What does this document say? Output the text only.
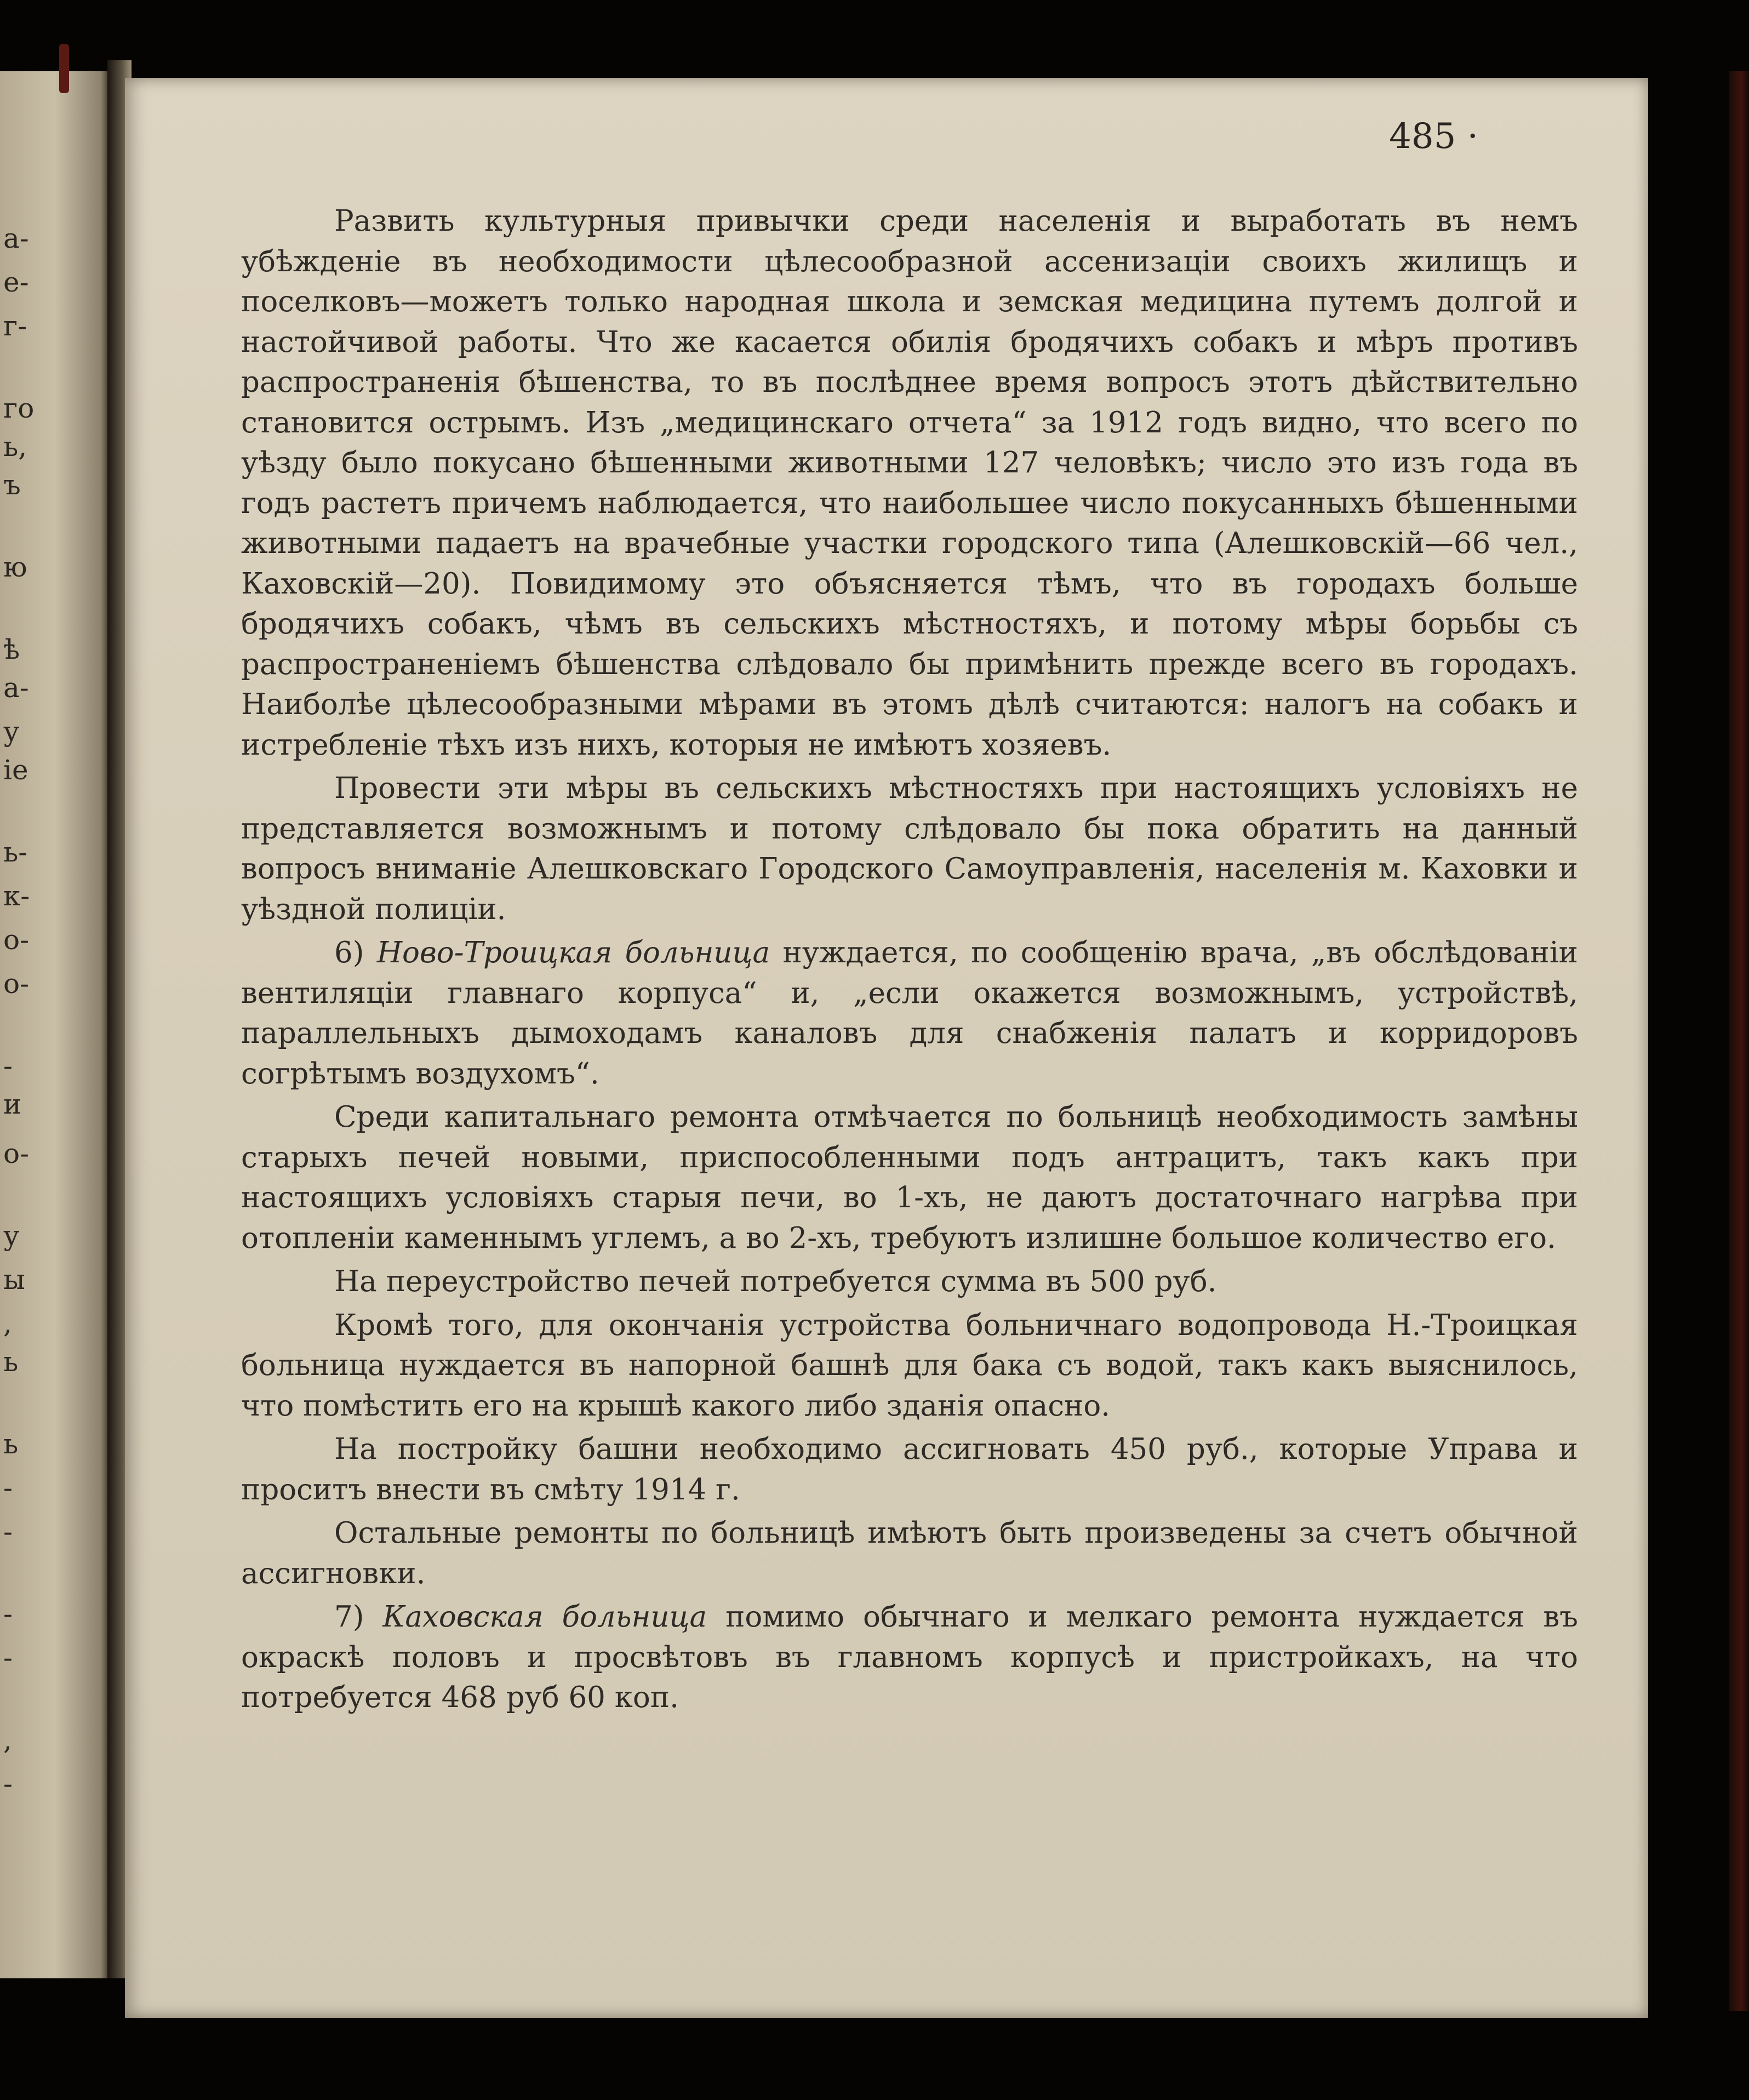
а-
е-
г-
го
ь,
ъ
ю
ѣ
а-
у
ie
ь-
к-
о-
о-
-
и
о-
у
ы
,
ь
ь
-
-
-
-
,
-

485 ·

Развить культурныя привычки среди населенія и выработать въ немъ убѣжденіе въ необходимости цѣлесообразной ассенизаціи своихъ жилищъ и поселковъ—можетъ только народная школа и земская медицина путемъ долгой и настойчивой работы. Что же касается обилія бродячихъ собакъ и мѣръ противъ распространенія бѣшенства, то въ послѣднее время вопросъ этотъ дѣйствительно становится острымъ. Изъ „медицинскаго отчета“ за 1912 годъ видно, что всего по уѣзду было покусано бѣшенными животными 127 человѣкъ; число это изъ года въ годъ растетъ причемъ наблюдается, что наибольшее число покусанныхъ бѣшенными животными падаетъ на врачебные участки городского типа (Алешковскій—66 чел., Каховскій—20). Повидимому это объясняется тѣмъ, что въ городахъ больше бродячихъ собакъ, чѣмъ въ сельскихъ мѣстностяхъ, и потому мѣры борьбы съ распространеніемъ бѣшенства слѣдовало бы примѣнить прежде всего въ городахъ. Наиболѣе цѣлесообразными мѣрами въ этомъ дѣлѣ считаются: налогъ на собакъ и истребленіе тѣхъ изъ нихъ, которыя не имѣютъ хозяевъ.

Провести эти мѣры въ сельскихъ мѣстностяхъ при настоящихъ условіяхъ не представляется возможнымъ и потому слѣдовало бы пока обратить на данный вопросъ вниманіе Алешковскаго Городского Самоуправленія, населенія м. Каховки и уѣздной полиціи.

6) Ново-Троицкая больница нуждается, по сообщенію врача, „въ обслѣдованіи вентиляціи главнаго корпуса“ и, „если окажется возможнымъ, устройствѣ, параллельныхъ дымоходамъ каналовъ для снабженія палатъ и корридоровъ согрѣтымъ воздухомъ“.

Среди капитальнаго ремонта отмѣчается по больницѣ необходимость замѣны старыхъ печей новыми, приспособленными подъ антрацитъ, такъ какъ при настоящихъ условіяхъ старыя печи, во 1-хъ, не даютъ достаточнаго нагрѣва при отопленіи каменнымъ углемъ, а во 2-хъ, требуютъ излишне большое количество его.

На переустройство печей потребуется сумма въ 500 руб.

Кромѣ того, для окончанія устройства больничнаго водопровода Н.-Троицкая больница нуждается въ напорной башнѣ для бака съ водой, такъ какъ выяснилось, что помѣстить его на крышѣ какого либо зданія опасно.

На постройку башни необходимо ассигновать 450 руб., которые Управа и проситъ внести въ смѣту 1914 г.

Остальные ремонты по больницѣ имѣютъ быть произведены за счетъ обычной ассигновки.

7) Каховская больница помимо обычнаго и мелкаго ремонта нуждается въ окраскѣ половъ и просвѣтовъ въ главномъ корпусѣ и пристройкахъ, на что потребуется 468 руб 60 коп.
